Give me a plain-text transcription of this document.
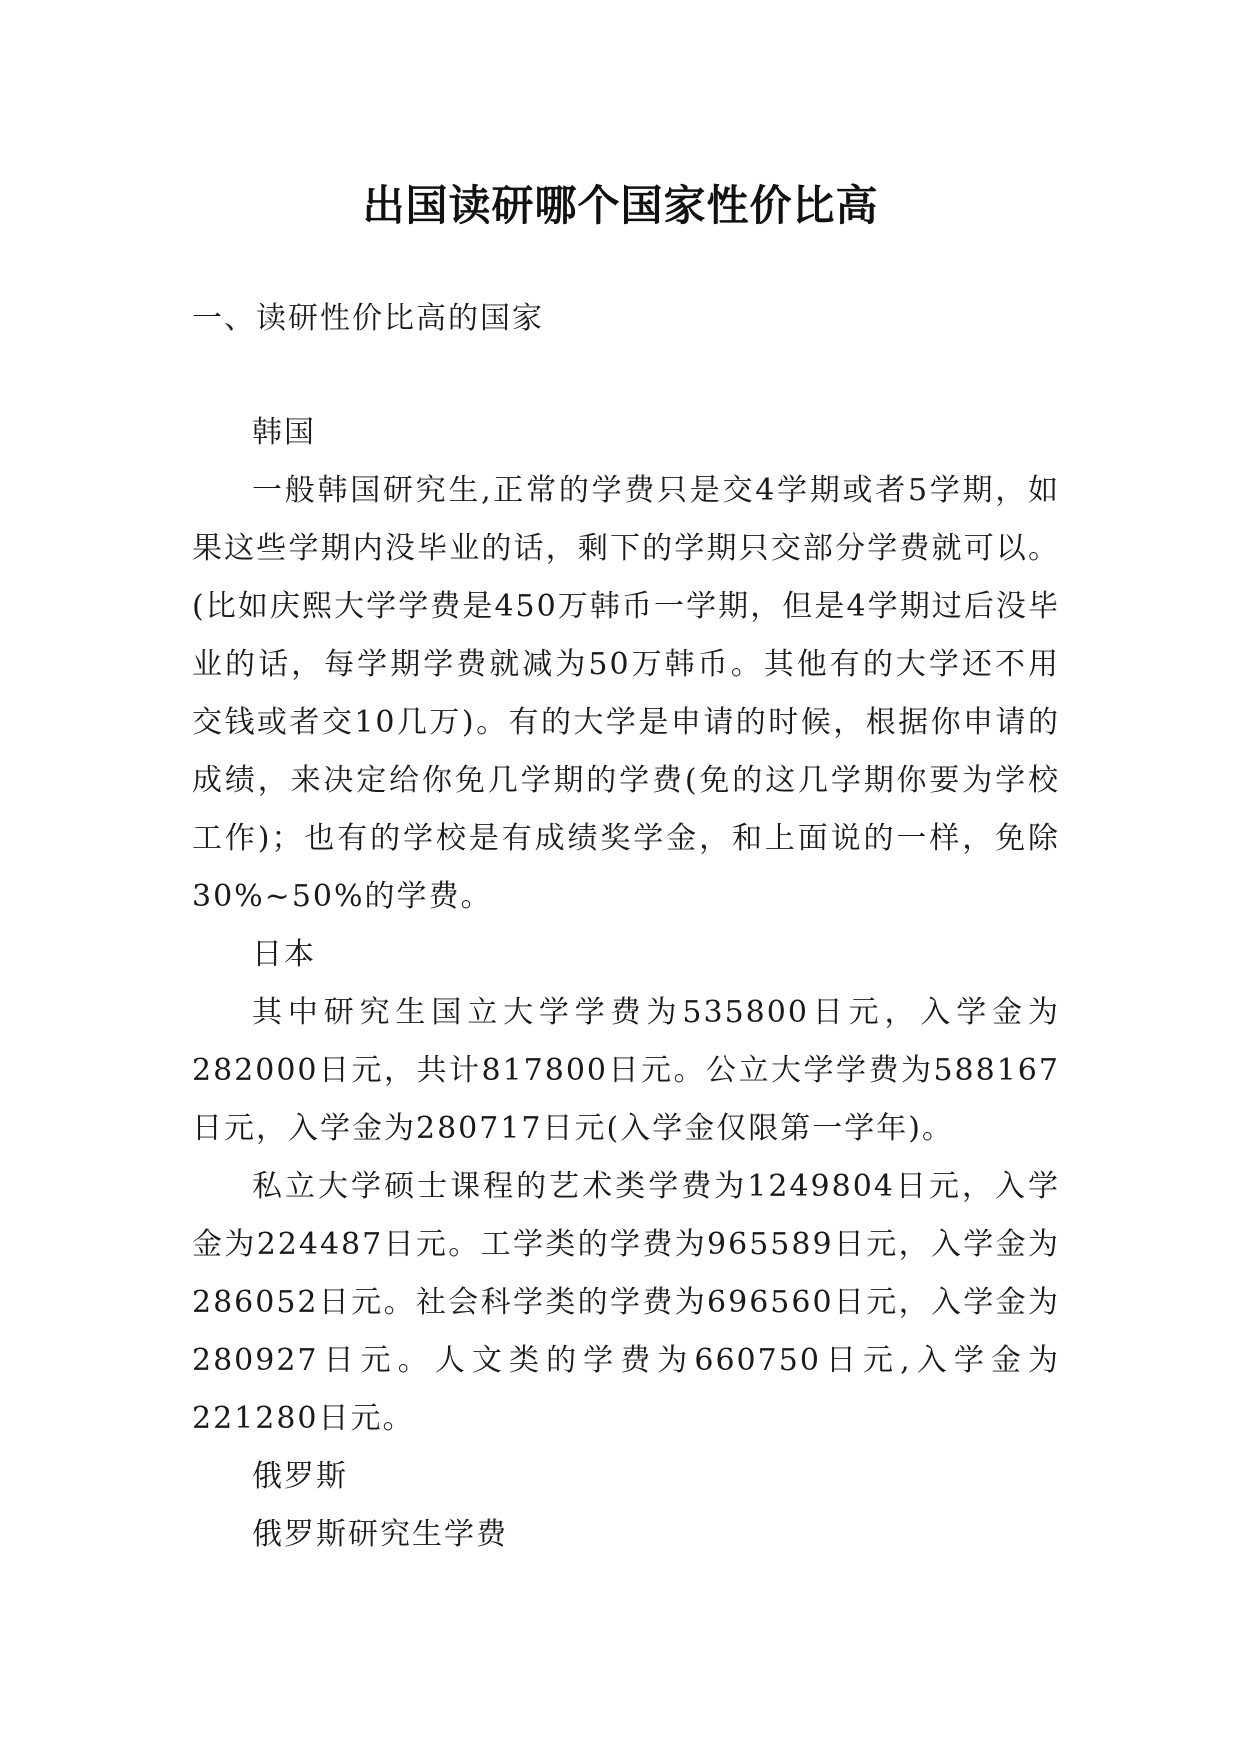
出国读研哪个国家性价比高

一、读研性价比高的国家

韩国

一般韩国研究生,正常的学费只是交4学期或者5学期，如果这些学期内没毕业的话，剩下的学期只交部分学费就可以。(比如庆熙大学学费是450万韩币一学期，但是4学期过后没毕业的话，每学期学费就减为50万韩币。其他有的大学还不用交钱或者交10几万)。有的大学是申请的时候，根据你申请的成绩，来决定给你免几学期的学费(免的这几学期你要为学校工作)；也有的学校是有成绩奖学金，和上面说的一样，免除30%~50%的学费。

日本

其中研究生国立大学学费为535800日元，入学金为282000日元，共计817800日元。公立大学学费为588167日元，入学金为280717日元(入学金仅限第一学年)。

私立大学硕士课程的艺术类学费为1249804日元，入学金为224487日元。工学类的学费为965589日元，入学金为286052日元。社会科学类的学费为696560日元，入学金为280927日元。人文类的学费为660750日元,入学金为221280日元。

俄罗斯

俄罗斯研究生学费
